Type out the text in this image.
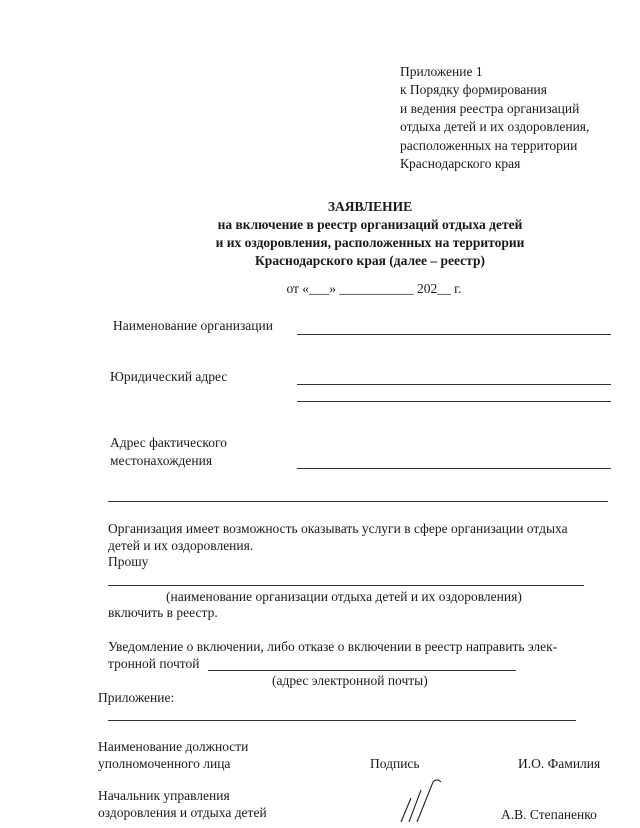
Приложение 1
к Порядку формирования
и ведения реестра организаций
отдыха детей и их оздоровления,
расположенных на территории
Краснодарского края
ЗАЯВЛЕНИЕ
на включение в реестр организаций отдыха детей
и их оздоровления, расположенных на территории
Краснодарского края (далее – реестр)
от «___» ___________ 202__ г.
Наименование организации
Юридический адрес
Адрес фактического
местонахождения
Организация имеет возможность оказывать услуги в сфере организации отдыха
детей и их оздоровления.
Прошу
(наименование организации отдыха детей и их оздоровления)
включить в реестр.
Уведомление о включении, либо отказе о включении в реестр направить элек-
тронной почтой
(адрес электронной почты)
Приложение:
Наименование должности
уполномоченного лица	Подпись	И.О. Фамилия
Начальник управления
оздоровления и отдыха детей	А.В. Степаненко
